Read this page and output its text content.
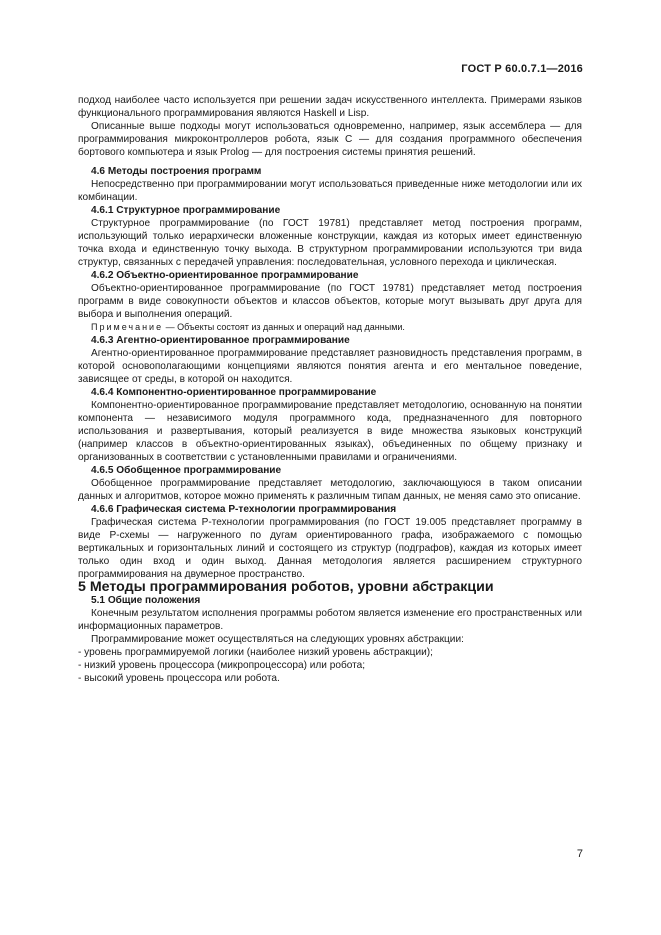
ГОСТ Р 60.0.7.1—2016

подход наиболее часто используется при решении задач искусственного интеллекта. Примерами языков функционального программирования являются Haskell и Lisp.

Описанные выше подходы могут использоваться одновременно, например, язык ассемблера — для программирования микроконтроллеров робота, язык С — для создания программного обеспечения бортового компьютера и язык Prolog — для построения системы принятия решений.

4.6 Методы построения программ

Непосредственно при программировании могут использоваться приведенные ниже методологии или их комбинации.

4.6.1 Структурное программирование

Структурное программирование (по ГОСТ 19781) представляет метод построения программ, использующий только иерархически вложенные конструкции, каждая из которых имеет единственную точка входа и единственную точку выхода. В структурном программировании используются три вида структур, связанных с передачей управления: последовательная, условного перехода и циклическая.

4.6.2 Объектно-ориентированное программирование

Объектно-ориентированное программирование (по ГОСТ 19781) представляет метод построения программ в виде совокупности объектов и классов объектов, которые могут вызывать друг друга для выбора и выполнения операций.

Примечание — Объекты состоят из данных и операций над данными.

4.6.3 Агентно-ориентированное программирование

Агентно-ориентированное программирование представляет разновидность представления программ, в которой основополагающими концепциями являются понятия агента и его ментальное поведение, зависящее от среды, в которой он находится.

4.6.4 Компонентно-ориентированное программирование

Компонентно-ориентированное программирование представляет методологию, основанную на понятии компонента — независимого модуля программного кода, предназначенного для повторного использования и развертывания, который реализуется в виде множества языковых конструкций (например классов в объектно-ориентированных языках), объединенных по общему признаку и организованных в соответствии с установленными правилами и ограничениями.

4.6.5 Обобщенное программирование

Обобщенное программирование представляет методологию, заключающуюся в таком описании данных и алгоритмов, которое можно применять к различным типам данных, не меняя само это описание.

4.6.6 Графическая система Р-технологии программирования

Графическая система Р-технологии программирования (по ГОСТ 19.005 представляет программу в виде Р-схемы — нагруженного по дугам ориентированного графа, изображаемого с помощью вертикальных и горизонтальных линий и состоящего из структур (подграфов), каждая из которых имеет только один вход и один выход. Данная методология является расширением структурного программирования на двумерное пространство.

5 Методы программирования роботов, уровни абстракции

5.1 Общие положения

Конечным результатом исполнения программы роботом является изменение его пространственных или информационных параметров.

Программирование может осуществляться на следующих уровнях абстракции:

- уровень программируемой логики (наиболее низкий уровень абстракции);
- низкий уровень процессора (микропроцессора) или робота;
- высокий уровень процессора или робота.
7
